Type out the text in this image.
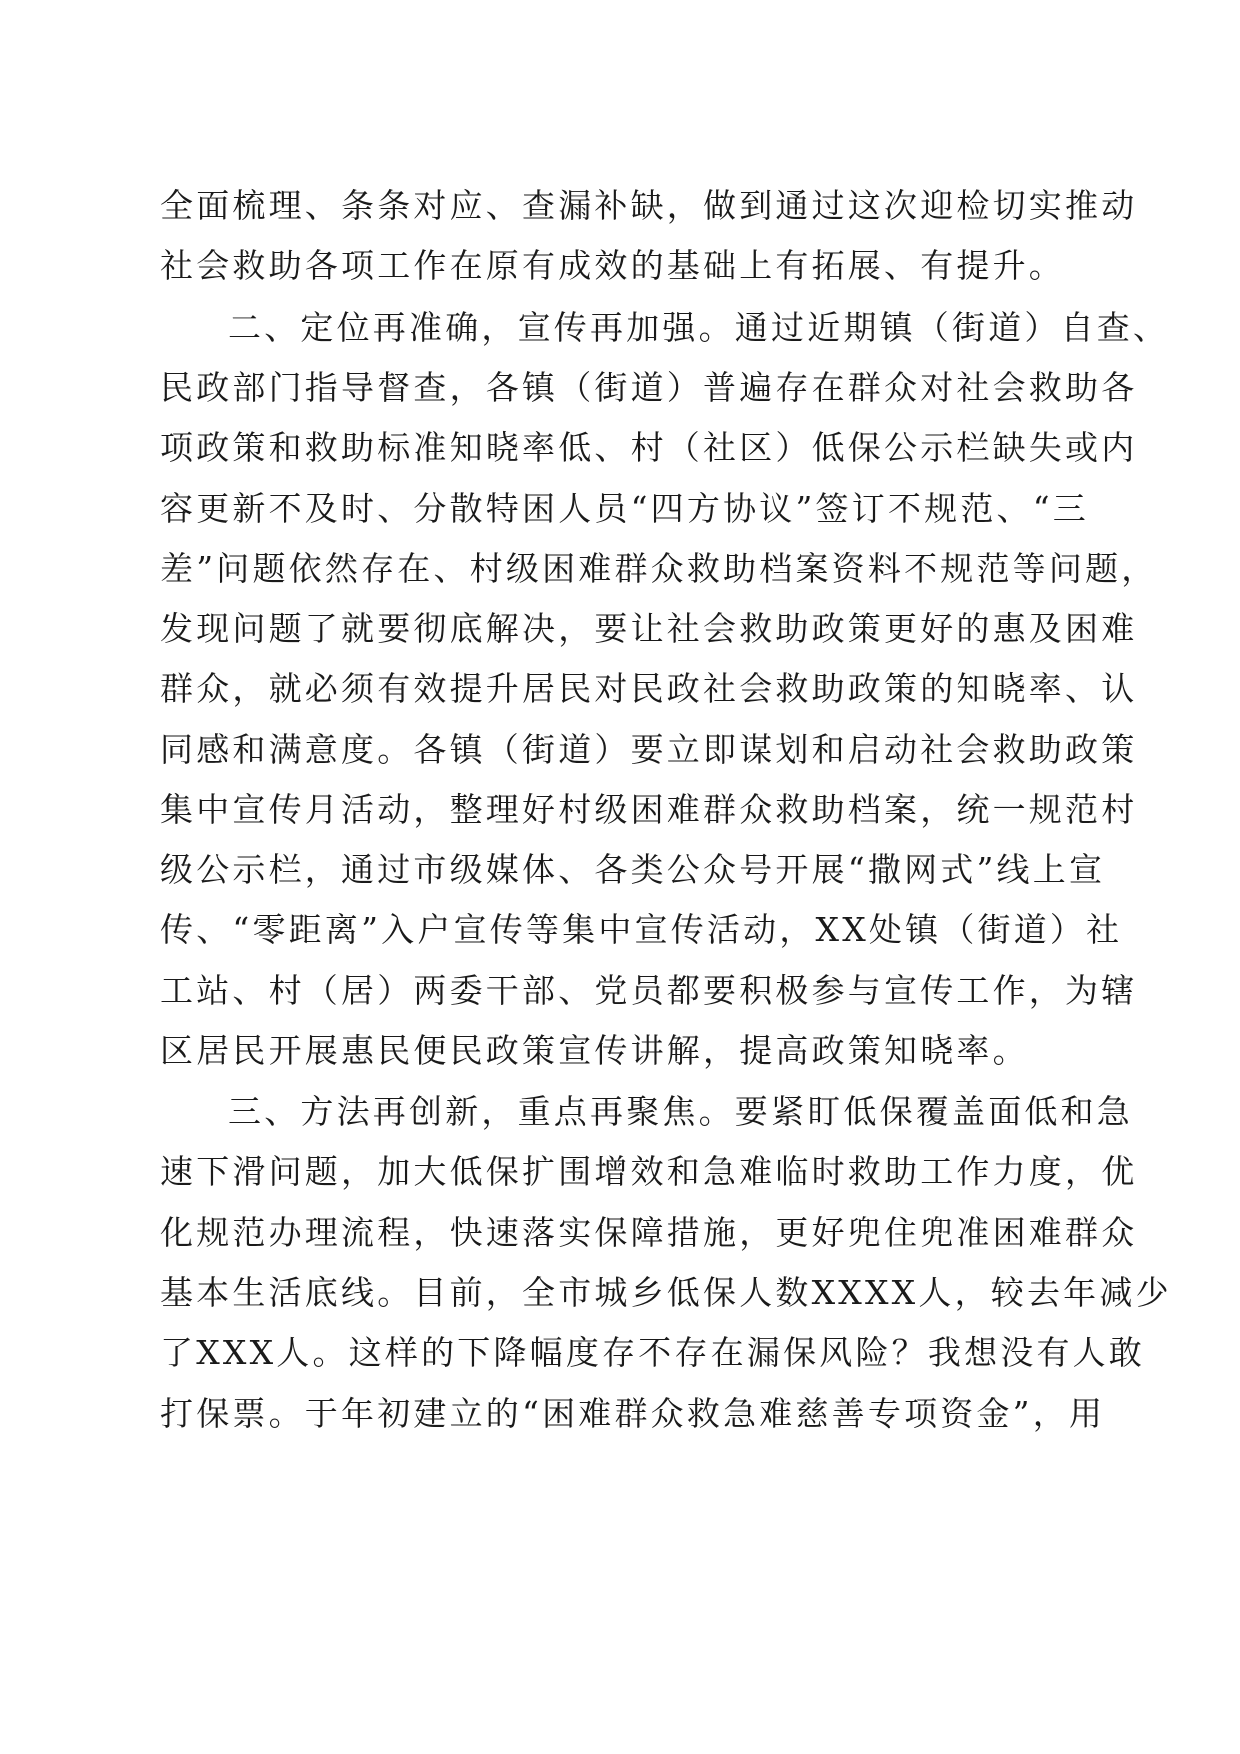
全面梳理、条条对应、查漏补缺，做到通过这次迎检切实推动
社会救助各项工作在原有成效的基础上有拓展、有提升。
二、定位再准确，宣传再加强。通过近期镇（街道）自查、
民政部门指导督查，各镇（街道）普遍存在群众对社会救助各
项政策和救助标准知晓率低、村（社区）低保公示栏缺失或内
容更新不及时、分散特困人员“四方协议”签订不规范、“三
差”问题依然存在、村级困难群众救助档案资料不规范等问题，
发现问题了就要彻底解决，要让社会救助政策更好的惠及困难
群众，就必须有效提升居民对民政社会救助政策的知晓率、认
同感和满意度。各镇（街道）要立即谋划和启动社会救助政策
集中宣传月活动，整理好村级困难群众救助档案，统一规范村
级公示栏，通过市级媒体、各类公众号开展“撒网式”线上宣
传、“零距离”入户宣传等集中宣传活动，XX处镇（街道）社
工站、村（居）两委干部、党员都要积极参与宣传工作，为辖
区居民开展惠民便民政策宣传讲解，提高政策知晓率。
三、方法再创新，重点再聚焦。要紧盯低保覆盖面低和急
速下滑问题，加大低保扩围增效和急难临时救助工作力度，优
化规范办理流程，快速落实保障措施，更好兜住兜准困难群众
基本生活底线。目前，全市城乡低保人数XXXX人，较去年减少
了XXX人。这样的下降幅度存不存在漏保风险？我想没有人敢
打保票。于年初建立的“困难群众救急难慈善专项资金”，用
